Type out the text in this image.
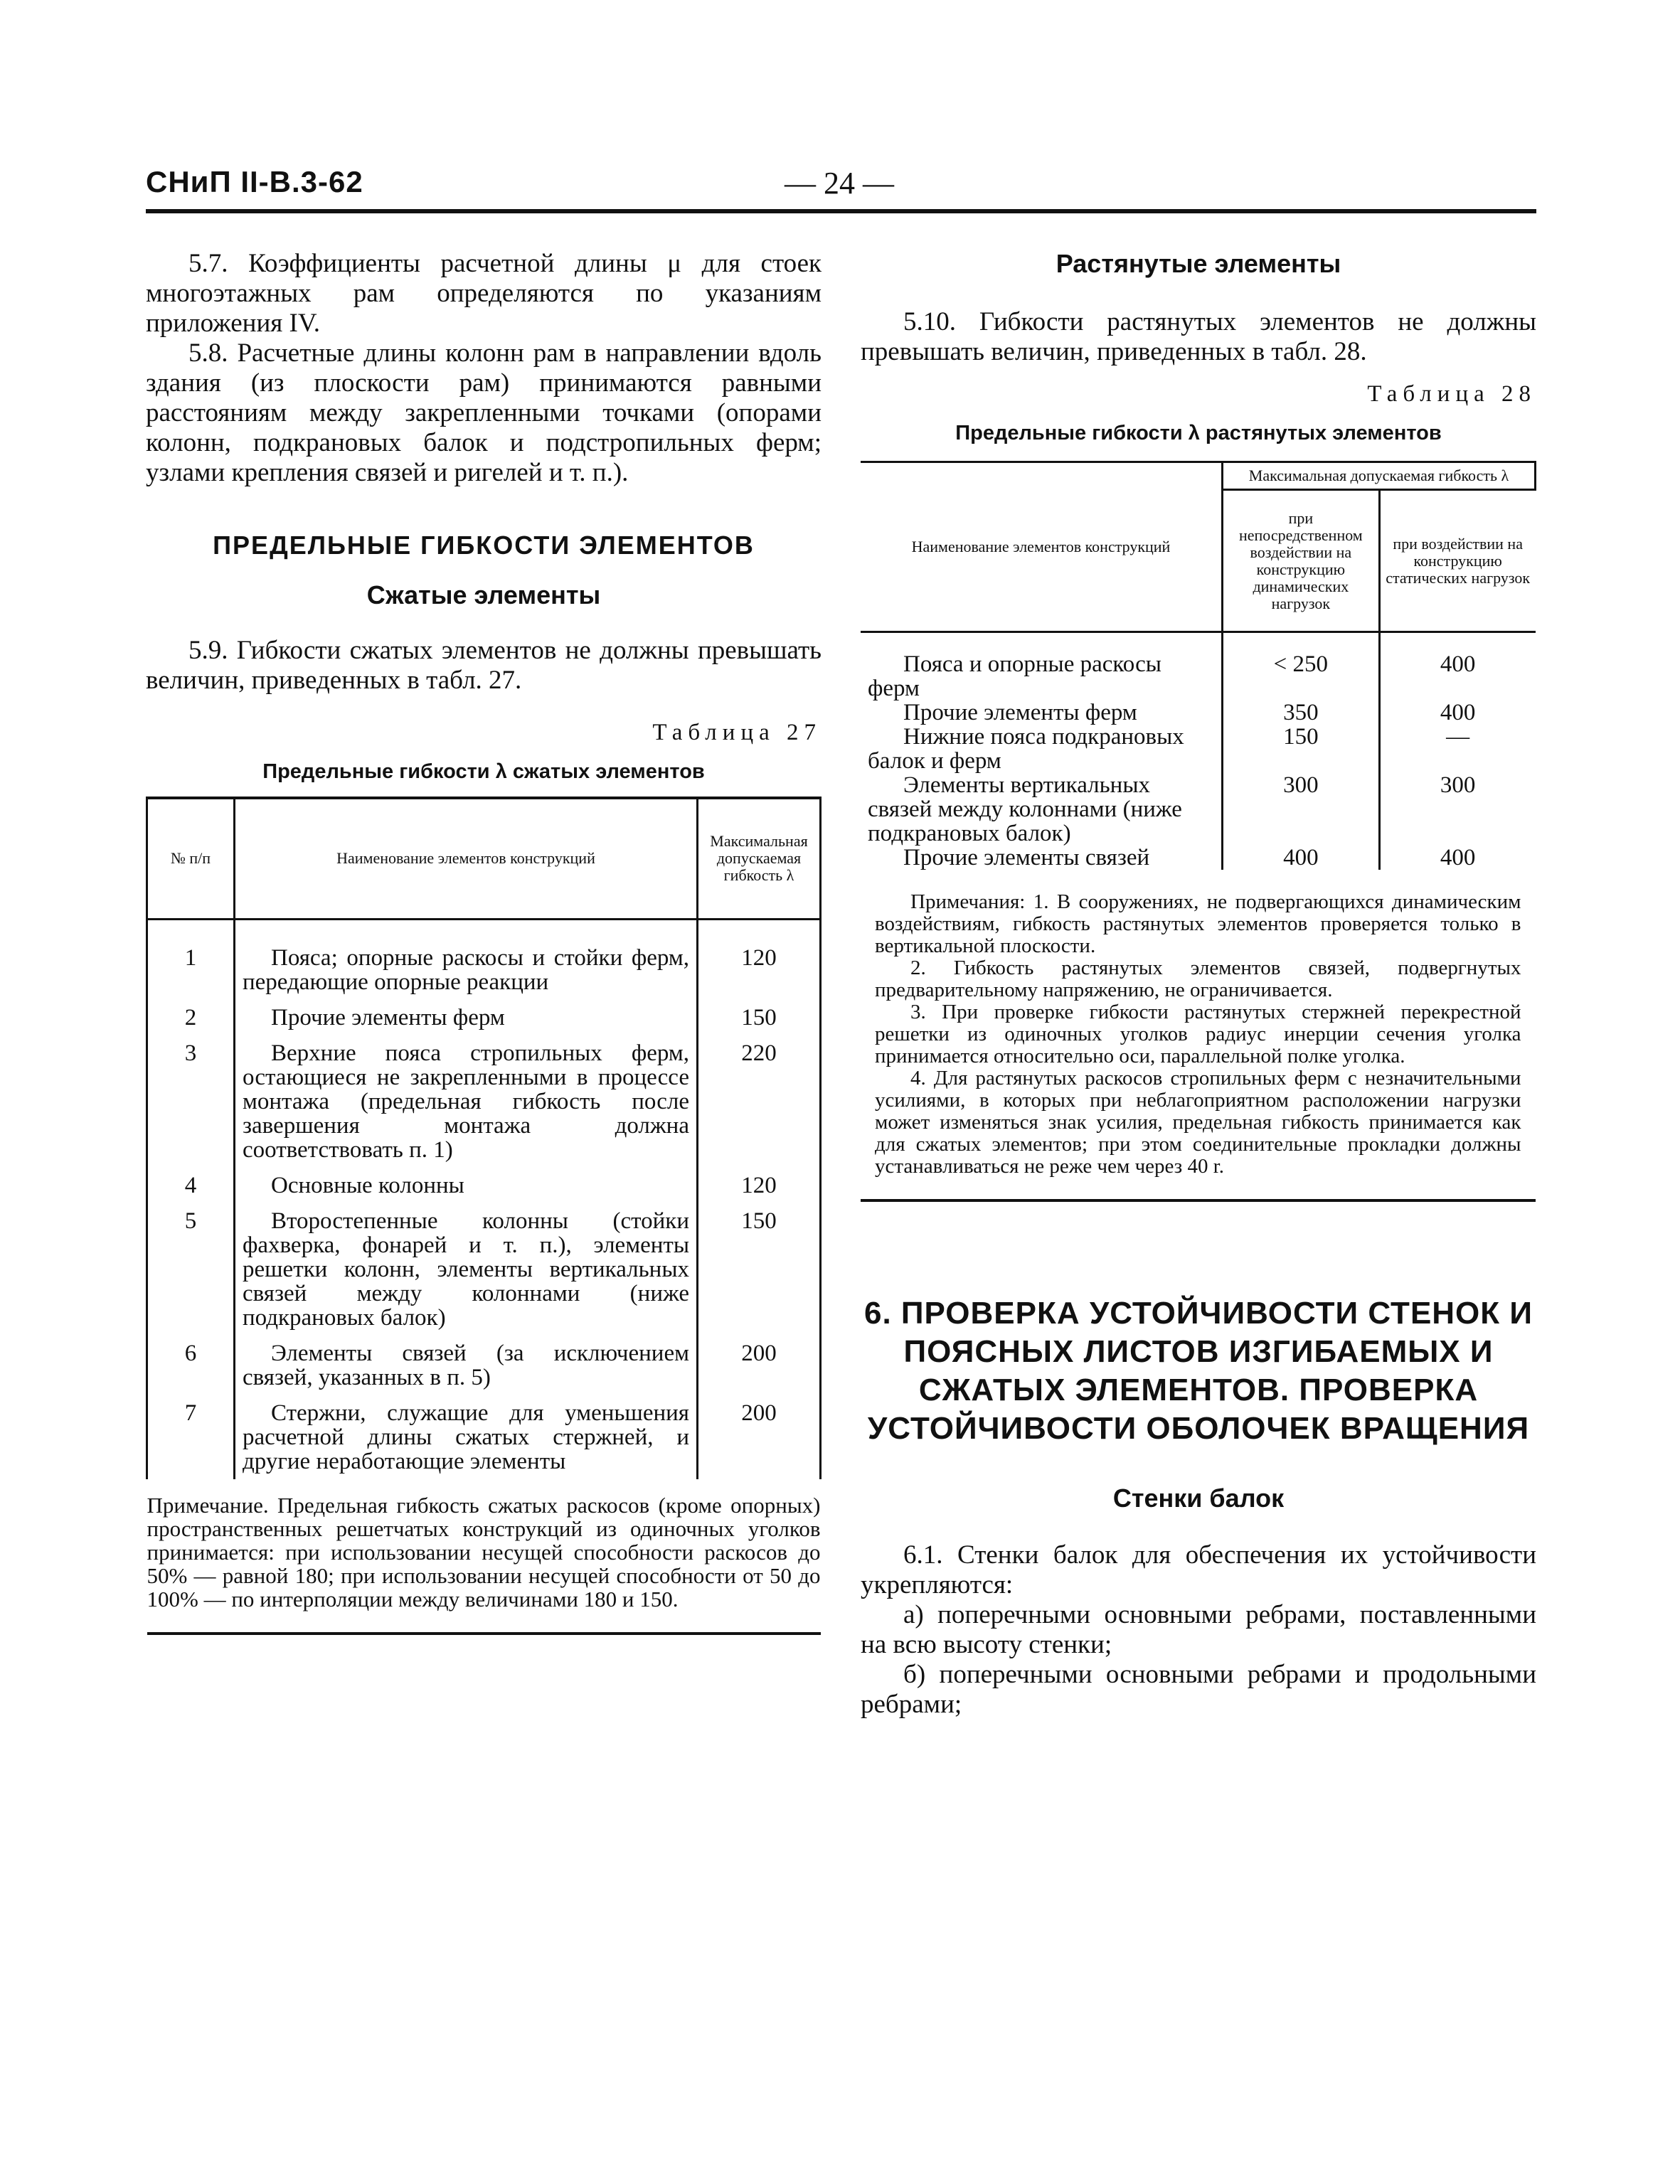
СНиП II-В.3-62	— 24 —

5.7. Коэффициенты расчетной длины μ для стоек многоэтажных рам определяются по указаниям приложения IV.

5.8. Расчетные длины колонн рам в направлении вдоль здания (из плоскости рам) принимаются равными расстояниям между закрепленными точками (опорами колонн, подкрановых балок и подстропильных ферм; узлами крепления связей и ригелей и т. п.).

ПРЕДЕЛЬНЫЕ ГИБКОСТИ ЭЛЕМЕНТОВ
Сжатые элементы

5.9. Гибкости сжатых элементов не должны превышать величин, приведенных в табл. 27.

Таблица 27
Предельные гибкости λ сжатых элементов
№ п/п	Наименование элементов конструкций	Максимальная допускаемая гибкость λ

1	Пояса; опорные раскосы и стойки ферм, передающие опорные реакции	120
2	Прочие элементы ферм	150
3	Верхние пояса стропильных ферм, остающиеся не закрепленными в процессе монтажа (предельная гибкость после завершения монтажа должна соответствовать п. 1)	220
4	Основные колонны	120
5	Второстепенные колонны (стойки фахверка, фонарей и т. п.), элементы решетки колонн, элементы вертикальных связей между колоннами (ниже подкрановых балок)	150
6	Элементы связей (за исключением связей, указанных в п. 5)	200
7	Стержни, служащие для уменьшения расчетной длины сжатых стержней, и другие неработающие элементы	200
Примечание. Предельная гибкость сжатых раскосов (кроме опорных) пространственных решетчатых конструкций из одиночных уголков принимается: при использовании несущей способности раскосов до 50% — равной 180; при использовании несущей способности от 50 до 100% — по интерполяции между величинами 180 и 150.		
Растянутые элементы

5.10. Гибкости растянутых элементов не должны превышать величин, приведенных в табл. 28.

Таблица 28
Предельные гибкости λ растянутых элементов
Наименование элементов конструкций	Максимальная допускаемая гибкость λ	
	при непосредственном воздействии на конструкцию динамических нагрузок	при воздействии на конструкцию статических нагрузок

Пояса и опорные раскосы ферм	< 250	400
Прочие элементы ферм	350	400
Нижние пояса подкрановых балок и ферм	150	—
Элементы вертикальных связей между колоннами (ниже подкрановых балок)	300	300
Прочие элементы связей	400	400

Примечания: 1. В сооружениях, не подвергающихся динамическим воздействиям, гибкость растянутых элементов проверяется только в вертикальной плоскости.

2. Гибкость растянутых элементов связей, подвергнутых предварительному напряжению, не ограничивается.

3. При проверке гибкости растянутых стержней перекрестной решетки из одиночных уголков радиус инерции сечения уголка принимается относительно оси, параллельной полке уголка.

4. Для растянутых раскосов стропильных ферм с незначительными усилиями, в которых при неблагоприятном расположении нагрузки может изменяться знак усилия, предельная гибкость принимается как для сжатых элементов; при этом соединительные прокладки должны устанавливаться не реже чем через 40 r.		

6. ПРОВЕРКА УСТОЙЧИВОСТИ СТЕНОК И ПОЯСНЫХ ЛИСТОВ ИЗГИБАЕМЫХ И СЖАТЫХ ЭЛЕМЕНТОВ. ПРОВЕРКА УСТОЙЧИВОСТИ ОБОЛОЧЕК ВРАЩЕНИЯ
Стенки балок

6.1. Стенки балок для обеспечения их устойчивости укрепляются:

а) поперечными основными ребрами, поставленными на всю высоту стенки;

б) поперечными основными ребрами и продольными ребрами;
